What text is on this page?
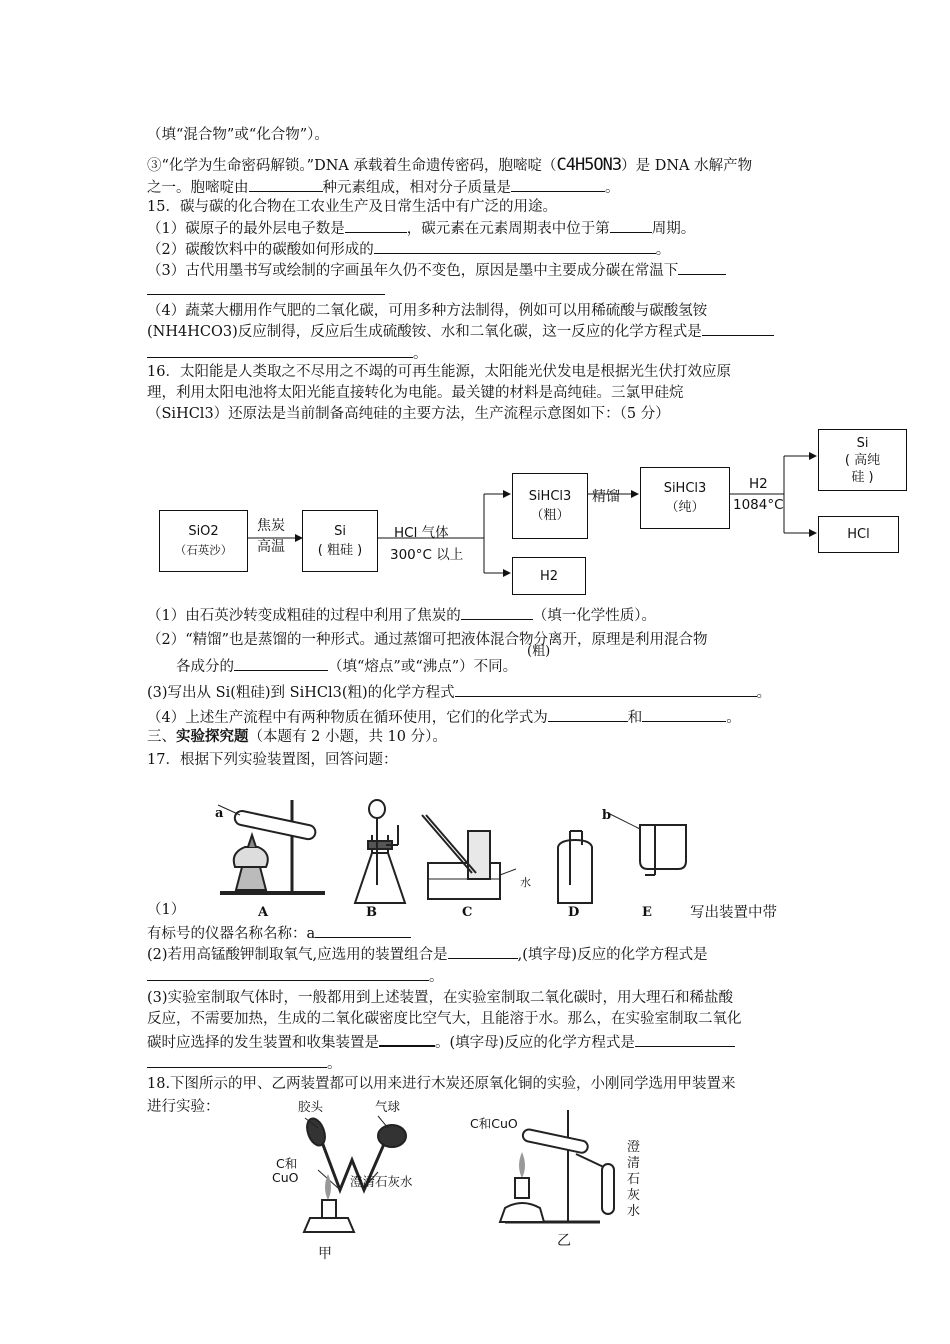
（填“混合物”或“化合物”）。
③“化学为生命密码解锁。”DNA 承载着生命遗传密码，胞嘧啶（C4H5ON3）是 DNA 水解产物
之一。胞嘧啶由	种元素组成，相对分子质量是	。
15．碳与碳的化合物在工农业生产及日常生活中有广泛的用途。
（1）碳原子的最外层电子数是	，碳元素在元素周期表中位于第	周期。
（2）碳酸饮料中的碳酸如何形成的	。
（3）古代用墨书写或绘制的字画虽年久仍不变色，原因是墨中主要成分碳在常温下
（4）蔬菜大棚用作气肥的二氧化碳，可用多种方法制得，例如可以用稀硫酸与碳酸氢铵
(NH4HCO3)反应制得，反应后生成硫酸铵、水和二氧化碳，这一反应的化学方程式是
。
16．太阳能是人类取之不尽用之不竭的可再生能源，太阳能光伏发电是根据光生伏打效应原
理，利用太阳电池将太阳光能直接转化为电能。最关键的材料是高纯硅。三氯甲硅烷
（SiHCl3）还原法是当前制备高纯硅的主要方法，生产流程示意图如下：（5 分）
SiO2
（石英沙）
焦炭
高温
Si
( 粗硅 )
HCl 气体
300°C 以上
SiHCl3
（粗）
H2
精馏
SiHCl3
（纯）
H2
1084°C
Si
( 高纯
硅 )
HCl
（1）由石英沙转变成粗硅的过程中利用了焦炭的	（填一化学性质）。
（2）“精馏”也是蒸馏的一种形式。通过蒸馏可把液体混合物分离开，原理是利用混合物
(粗)
各成分的	（填“熔点”或“沸点”）不同。
(3)写出从 Si(粗硅)到 SiHCl3(粗)的化学方程式	。
（4）上述生产流程中有两种物质在循环使用，它们的化学式为	和	。
三、实验探究题（本题有 2 小题，共 10 分）。
17．根据下列实验装置图，回答问题：
a	b
水
A	B	C	D	E
（1）	写出装置中带
有标号的仪器名称名称：a
(2)若用高锰酸钾制取氧气,应选用的装置组合是	,(填字母)反应的化学方程式是
。
(3)实验室制取气体时，一般都用到上述装置，在实验室制取二氧化碳时，用大理石和稀盐酸
反应，不需要加热，生成的二氧化碳密度比空气大，且能溶于水。那么，在实验室制取二氧化
碳时应选择的发生装置和收集装置是	。(填字母)反应的化学方程式是
。
18.下图所示的甲、乙两装置都可以用来进行木炭还原氧化铜的实验，小刚同学选用甲装置来
进行实验：	胶头	气球
C和
CuO	澄清石灰水
甲
C和CuO
澄
清
石
灰
水
乙
